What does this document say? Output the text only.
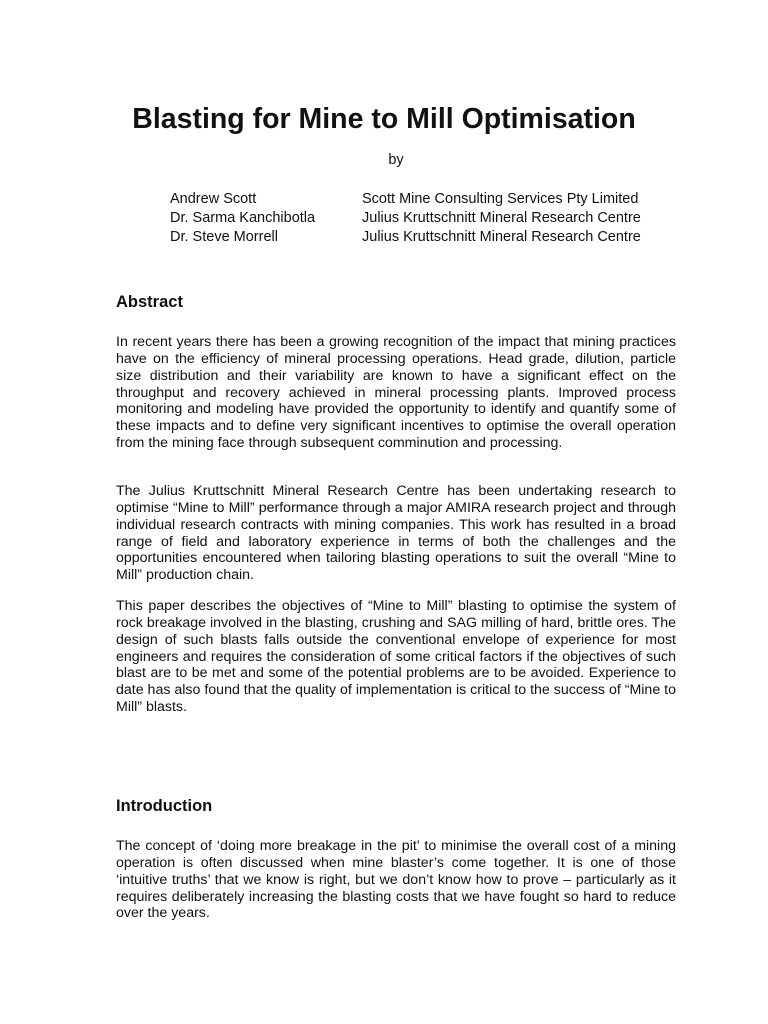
Blasting for Mine to Mill Optimisation
by
Andrew Scott	Scott Mine Consulting Services Pty Limited
Dr. Sarma Kanchibotla	Julius Kruttschnitt Mineral Research Centre
Dr. Steve Morrell	Julius Kruttschnitt Mineral Research Centre
Abstract

In recent years there has been a growing recognition of the impact that mining practices have on the efficiency of mineral processing operations. Head grade, dilution, particle size distribution and their variability are known to have a significant effect on the throughput and recovery achieved in mineral processing plants. Improved process monitoring and modeling have provided the opportunity to identify and quantify some of these impacts and to define very significant incentives to optimise the overall operation from the mining face through subsequent comminution and processing.

The Julius Kruttschnitt Mineral Research Centre has been undertaking research to optimise “Mine to Mill” performance through a major AMIRA research project and through individual research contracts with mining companies. This work has resulted in a broad range of field and laboratory experience in terms of both the challenges and the opportunities encountered when tailoring blasting operations to suit the overall “Mine to Mill” production chain.

This paper describes the objectives of “Mine to Mill” blasting to optimise the system of rock breakage involved in the blasting, crushing and SAG milling of hard, brittle ores. The design of such blasts falls outside the conventional envelope of experience for most engineers and requires the consideration of some critical factors if the objectives of such blast are to be met and some of the potential problems are to be avoided. Experience to date has also found that the quality of implementation is critical to the success of “Mine to Mill” blasts.

Introduction

The concept of ‘doing more breakage in the pit’ to minimise the overall cost of a mining operation is often discussed when mine blaster’s come together. It is one of those ‘intuitive truths’ that we know is right, but we don’t know how to prove – particularly as it requires deliberately increasing the blasting costs that we have fought so hard to reduce over the years.
